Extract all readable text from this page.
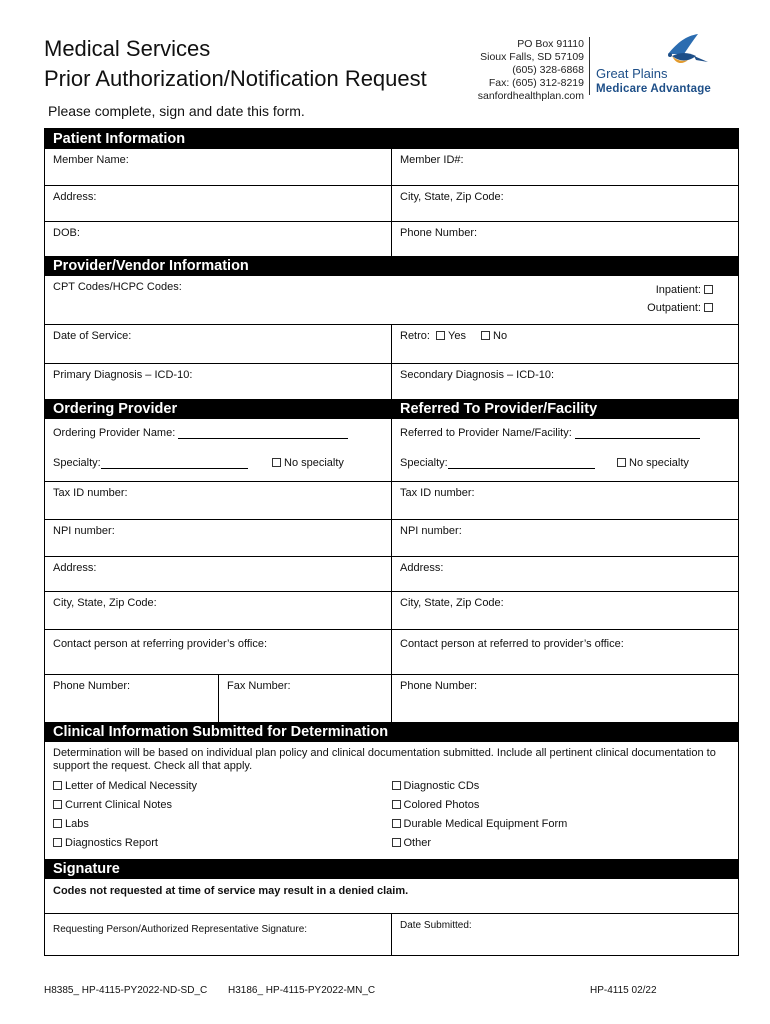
Medical Services
Prior Authorization/Notification Request
PO Box 91110
Sioux Falls, SD 57109
(605) 328-6868
Fax: (605) 312-8219
sanfordhealthplan.com
Great Plains
Medicare Advantage
Please complete, sign and date this form.
Patient Information
Member Name:	Member ID#:
Address:	City, State, Zip Code:
DOB:	Phone Number:
Provider/Vendor Information
CPT Codes/HCPC Codes:	Inpatient:
Outpatient:
Date of Service:	Retro: Yes No
Primary Diagnosis – ICD-10:	Secondary Diagnosis – ICD-10:
Ordering Provider	Referred To Provider/Facility
Ordering Provider Name:	Referred to Provider Name/Facility:
Specialty:	No specialty	Specialty:	No specialty
Tax ID number:	Tax ID number:
NPI number:	NPI number:
Address:	Address:
City, State, Zip Code:	City, State, Zip Code:
Contact person at referring provider’s office:	Contact person at referred to provider’s office:
Phone Number:	Fax Number:	Phone Number:
Clinical Information Submitted for Determination
Determination will be based on individual plan policy and clinical documentation submitted. Include all pertinent clinical documentation to support the request. Check all that apply.
Letter of Medical Necessity
Current Clinical Notes
Labs
Diagnostics Report
Diagnostic CDs
Colored Photos
Durable Medical Equipment Form
Other
Signature
Codes not requested at time of service may result in a denied claim.
Requesting Person/Authorized Representative Signature:	Date Submitted:
H8385_ HP-4115-PY2022-ND-SD_C H3186_ HP-4115-PY2022-MN_C	HP-4115 02/22
